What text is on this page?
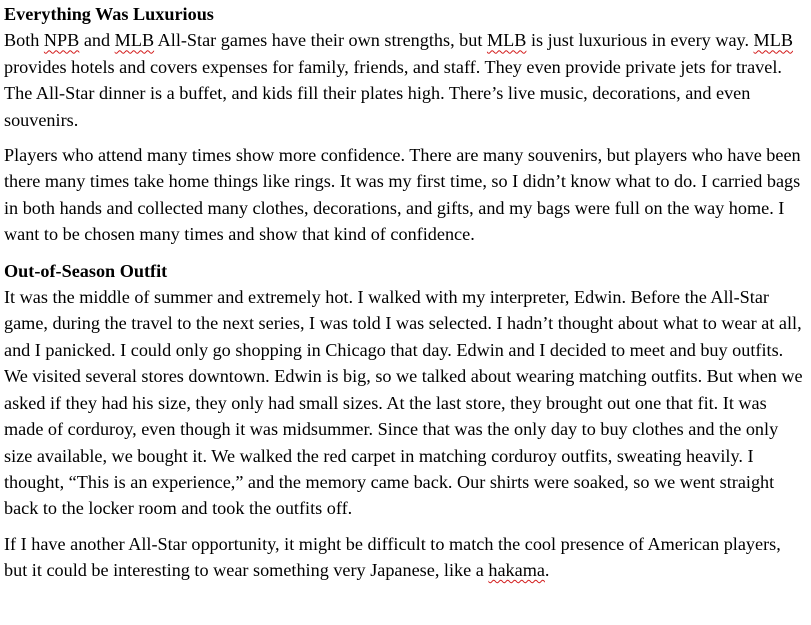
Everything Was Luxurious

Both NPB and MLB All-Star games have their own strengths, but MLB is just luxurious in every way. MLB provides hotels and covers expenses for family, friends, and staff. They even provide private jets for travel. The All-Star dinner is a buffet, and kids fill their plates high. There’s live music, decorations, and even souvenirs.

Players who attend many times show more confidence. There are many souvenirs, but players who have been there many times take home things like rings. It was my first time, so I didn’t know what to do. I carried bags in both hands and collected many clothes, decorations, and gifts, and my bags were full on the way home. I want to be chosen many times and show that kind of confidence.

Out-of-Season Outfit

It was the middle of summer and extremely hot. I walked with my interpreter, Edwin. Before the All-Star game, during the travel to the next series, I was told I was selected. I hadn’t thought about what to wear at all, and I panicked. I could only go shopping in Chicago that day. Edwin and I decided to meet and buy outfits. We visited several stores downtown. Edwin is big, so we talked about wearing matching outfits. But when we asked if they had his size, they only had small sizes. At the last store, they brought out one that fit. It was made of corduroy, even though it was midsummer. Since that was the only day to buy clothes and the only size available, we bought it. We walked the red carpet in matching corduroy outfits, sweating heavily. I thought, “This is an experience,” and the memory came back. Our shirts were soaked, so we went straight back to the locker room and took the outfits off.

If I have another All-Star opportunity, it might be difficult to match the cool presence of American players, but it could be interesting to wear something very Japanese, like a hakama.
